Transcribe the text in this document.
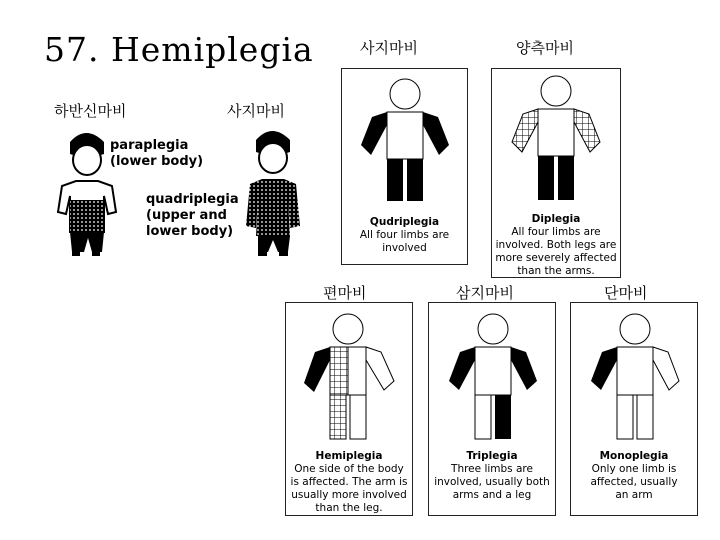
57. Hemiplegia	사지마비	양측마비
하반신마비	사지마비
편마비	삼지마비	단마비
paraplegia
(lower body)
quadriplegia
(upper and
lower body)
Qudriplegia
All four limbs are
involved
Diplegia
All four limbs are
involved. Both legs are
more severely affected
than the arms.
Hemiplegia
One side of the body
is affected. The arm is
usually more involved
than the leg.
Triplegia
Three limbs are
involved, usually both
arms and a leg
Monoplegia
Only one limb is
affected, usually
an arm
